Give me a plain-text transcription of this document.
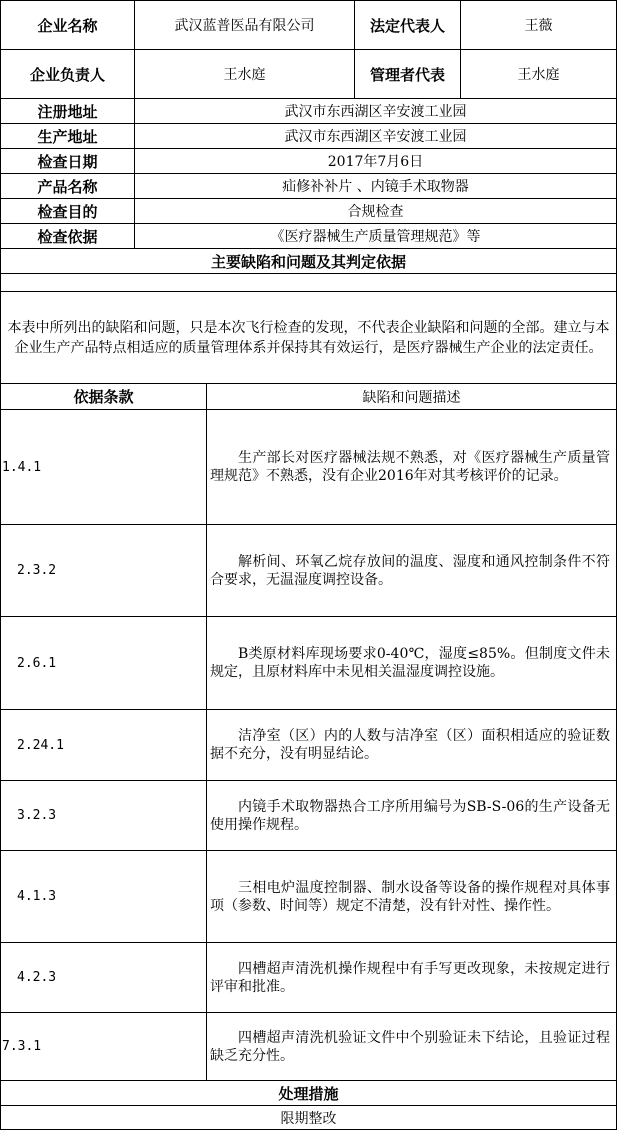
企业名称	武汉蓝普医品有限公司		法定代表人	王薇
企业负责人	王水庭		管理者代表	王水庭
注册地址	武汉市东西湖区辛安渡工业园			
生产地址	武汉市东西湖区辛安渡工业园			
检查日期	2017年7月6日			
产品名称	疝修补补片 、内镜手术取物器			
检查目的	合规检查			
检查依据	《医疗器械生产质量管理规范》等			
主要缺陷和问题及其判定依据				

本表中所列出的缺陷和问题，只是本次飞行检查的发现，不代表企业缺陷和问题的全部。建立与本企业生产产品特点相适应的质量管理体系并保持其有效运行，是医疗器械生产企业的法定责任。				
依据条款		缺陷和问题描述		
1.4.1		生产部长对医疗器械法规不熟悉，对《医疗器械生产质量管理规范》不熟悉，没有企业2016年对其考核评价的记录。		
2.3.2		解析间、环氧乙烷存放间的温度、湿度和通风控制条件不符合要求，无温湿度调控设备。		
2.6.1		B类原材料库现场要求0-40℃，湿度≤85%。但制度文件未规定，且原材料库中未见相关温湿度调控设施。		
2.24.1		洁净室（区）内的人数与洁净室（区）面积相适应的验证数据不充分，没有明显结论。		
3.2.3		内镜手术取物器热合工序所用编号为SB-S-06的生产设备无使用操作规程。		
4.1.3		三相电炉温度控制器、制水设备等设备的操作规程对具体事项（参数、时间等）规定不清楚，没有针对性、操作性。		
4.2.3		四槽超声清洗机操作规程中有手写更改现象，未按规定进行评审和批准。		
7.3.1		四槽超声清洗机验证文件中个别验证未下结论，且验证过程缺乏充分性。		
处理措施				
限期整改				
